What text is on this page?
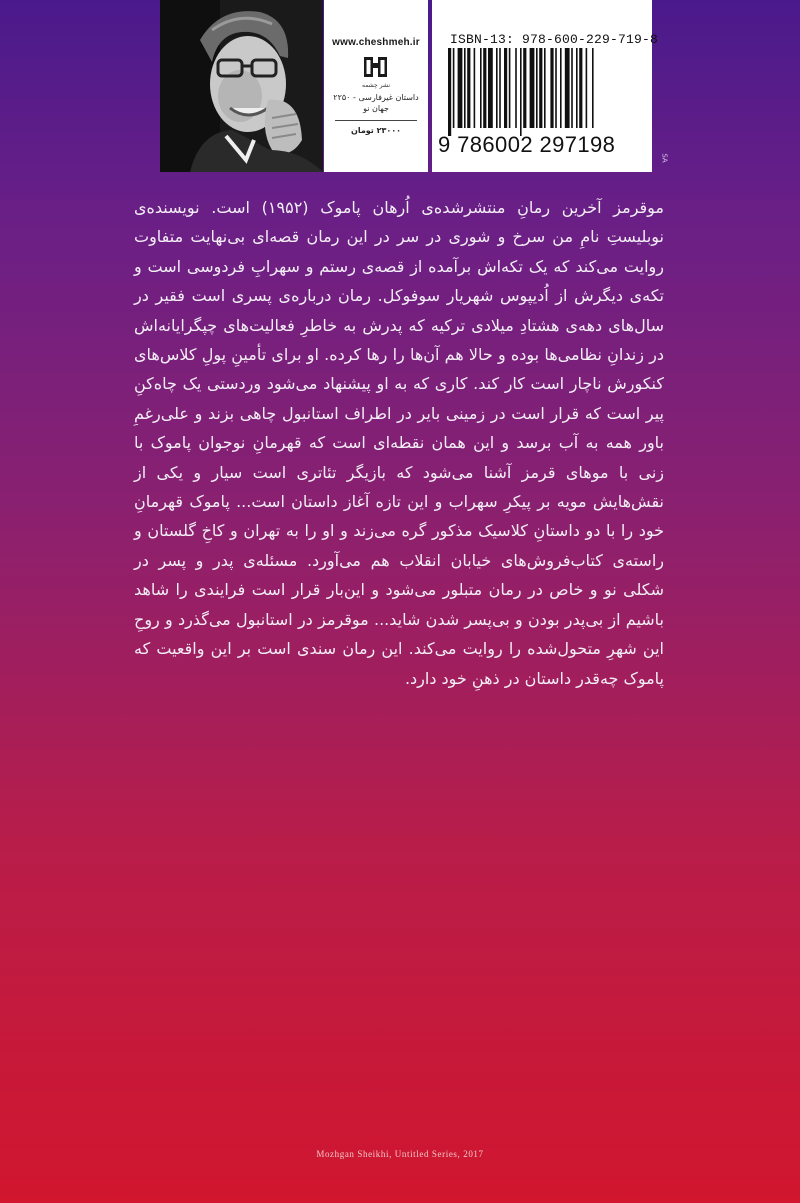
www.cheshmeh.ir
نشر چشمه
داستان غیرفارسی - ۲۲۵۰
جهان نو
۲۳۰۰۰ تومان
ISBN-13: 978-600-229-719-8
9 786002 297198
SA

موقرمز آخرین رمانِ منتشرشده‌ی اُرهان پاموک (۱۹۵۲) است. نویسنده‌ی نوبلیستِ نامِ من سرخ و شوری در سر در این رمان قصه‌ای بی‌نهایت متفاوت روایت می‌کند که یک تکه‌اش برآمده از قصه‌ی رستم و سهرابِ فردوسی است و تکه‌ی دیگرش از اُدیپوس شهریار سوفوکل. رمان درباره‌ی پسری است فقیر در سال‌های دهه‌ی هشتادِ میلادی ترکیه که پدرش به خاطرِ فعالیت‌های چپگرایانه‌اش در زندانِ نظامی‌ها بوده و حالا هم آن‌ها را رها کرده. او برای تأمینِ پولِ کلاس‌های کنکورش ناچار است کار کند. کاری که به او پیشنهاد می‌شود وردستی یک چاه‌کنِ پیر است که قرار است در زمینی بایر در اطراف استانبول چاهی بزند و علی‌رغمِ باور همه به آب برسد و این همان نقطه‌ای است که قهرمانِ نوجوان پاموک با زنی با موهای قرمز آشنا می‌شود که بازیگر تئاتری است سیار و یکی از نقش‌هایش مویه‌ بر پیکرِ سهراب و این تازه آغاز داستان است... پاموک قهرمانِ خود را با دو داستانِ کلاسیک مذکور گره می‌زند و او را به تهران و کاخِ گلستان و راسته‌ی کتاب‌فروش‌های خیابان انقلاب هم می‌آورد. مسئله‌ی پدر و پسر در شکلی نو و خاص در رمان متبلور می‌شود و این‌بار قرار است فرایندی را شاهد باشیم از بی‌پدر بودن و بی‌پسر شدن شاید... موقرمز در استانبول می‌گذرد و روحِ این شهرِ متحول‌شده را روایت می‌کند. این رمان سندی است بر این واقعیت که پاموک چه‌قدر داستان در ذهنِ خود دارد.

Mozhgan Sheikhi, Untitled Series, 2017
